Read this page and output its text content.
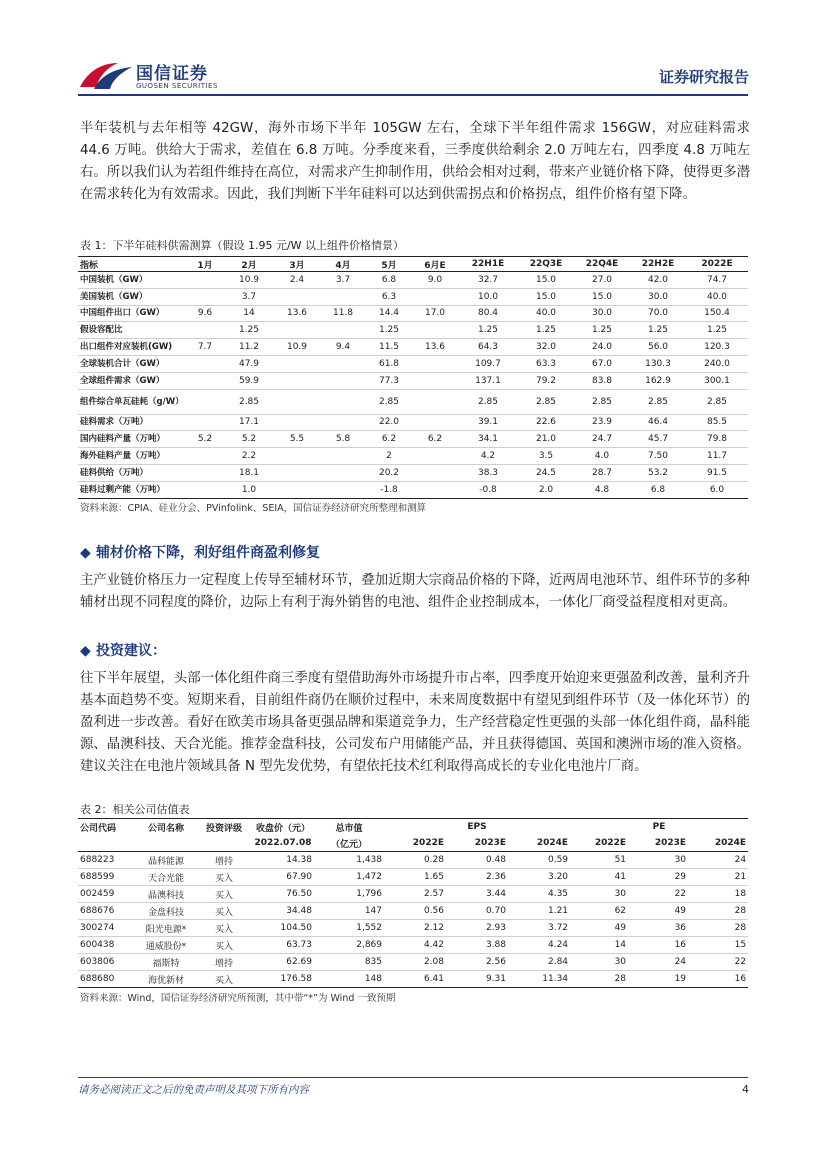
国信证券
GUOSEN SECURITIES	证券研究报告
半年装机与去年相等 42GW，海外市场下半年 105GW 左右，全球下半年组件需求 156GW，对应硅料需求 44.6 万吨。供给大于需求，差值在 6.8 万吨。分季度来看，三季度供给剩余 2.0 万吨左右，四季度 4.8 万吨左右。所以我们认为若组件维持在高位，对需求产生抑制作用，供给会相对过剩，带来产业链价格下降，使得更多潜在需求转化为有效需求。因此，我们判断下半年硅料可以达到供需拐点和价格拐点，组件价格有望下降。
表 1：下半年硅料供需测算（假设 1.95 元/W 以上组件价格情景）
指标	1月	2月	3月	4月	5月	6月E	22H1E	22Q3E	22Q4E	22H2E	2022E
中国装机（GW）		10.9	2.4	3.7	6.8	9.0	32.7	15.0	27.0	42.0	74.7
美国装机（GW）		3.7			6.3		10.0	15.0	15.0	30.0	40.0
中国组件出口（GW）	9.6	14	13.6	11.8	14.4	17.0	80.4	40.0	30.0	70.0	150.4
假设容配比		1.25			1.25		1.25	1.25	1.25	1.25	1.25
出口组件对应装机(GW)	7.7	11.2	10.9	9.4	11.5	13.6	64.3	32.0	24.0	56.0	120.3
全球装机合计（GW）		47.9			61.8		109.7	63.3	67.0	130.3	240.0
全球组件需求（GW）		59.9			77.3		137.1	79.2	83.8	162.9	300.1
组件综合单瓦硅耗（g/W）		2.85			2.85		2.85	2.85	2.85	2.85	2.85
硅料需求（万吨）		17.1			22.0		39.1	22.6	23.9	46.4	85.5
国内硅料产量（万吨）	5.2	5.2	5.5	5.8	6.2	6.2	34.1	21.0	24.7	45.7	79.8
海外硅料产量（万吨）		2.2			2		4.2	3.5	4.0	7.50	11.7
硅料供给（万吨）		18.1			20.2		38.3	24.5	28.7	53.2	91.5
硅料过剩产能（万吨）		1.0			-1.8		-0.8	2.0	4.8	6.8	6.0
资料来源：CPIA、硅业分会、PVinfolink、SEIA，国信证券经济研究所整理和测算
◆ 辅材价格下降，利好组件商盈利修复
主产业链价格压力一定程度上传导至辅材环节，叠加近期大宗商品价格的下降，近两周电池环节、组件环节的多种辅材出现不同程度的降价，边际上有利于海外销售的电池、组件企业控制成本，一体化厂商受益程度相对更高。
◆ 投资建议：
往下半年展望，头部一体化组件商三季度有望借助海外市场提升市占率，四季度开始迎来更强盈利改善，量利齐升基本面趋势不变。短期来看，目前组件商仍在顺价过程中，未来周度数据中有望见到组件环节（及一体化环节）的盈利进一步改善。看好在欧美市场具备更强品牌和渠道竞争力，生产经营稳定性更强的头部一体化组件商，晶科能源、晶澳科技、天合光能。推荐金盘科技，公司发布户用储能产品，并且获得德国、英国和澳洲市场的准入资格。建议关注在电池片领域具备 N 型先发优势，有望依托技术红利取得高成长的专业化电池片厂商。
表 2：相关公司估值表
公司代码	公司名称	投资评级	收盘价（元）	总市值	EPS			PE		
			2022.07.08	（亿元）	2022E	2023E	2024E	2022E	2023E	2024E
688223	晶科能源	增持	14.38	1,438	0.28	0.48	0.59	51	30	24
688599	天合光能	买入	67.90	1,472	1.65	2.36	3.20	41	29	21
002459	晶澳科技	买入	76.50	1,796	2.57	3.44	4.35	30	22	18
688676	金盘科技	买入	34.48	147	0.56	0.70	1.21	62	49	28
300274	阳光电源*	买入	104.50	1,552	2.12	2.93	3.72	49	36	28
600438	通威股份*	买入	63.73	2,869	4.42	3.88	4.24	14	16	15
603806	福斯特	增持	62.69	835	2.08	2.56	2.84	30	24	22
688680	海优新材	买入	176.58	148	6.41	9.31	11.34	28	19	16
资料来源：Wind，国信证券经济研究所预测，其中带“*”为 Wind 一致预期
请务必阅读正文之后的免责声明及其项下所有内容	4
